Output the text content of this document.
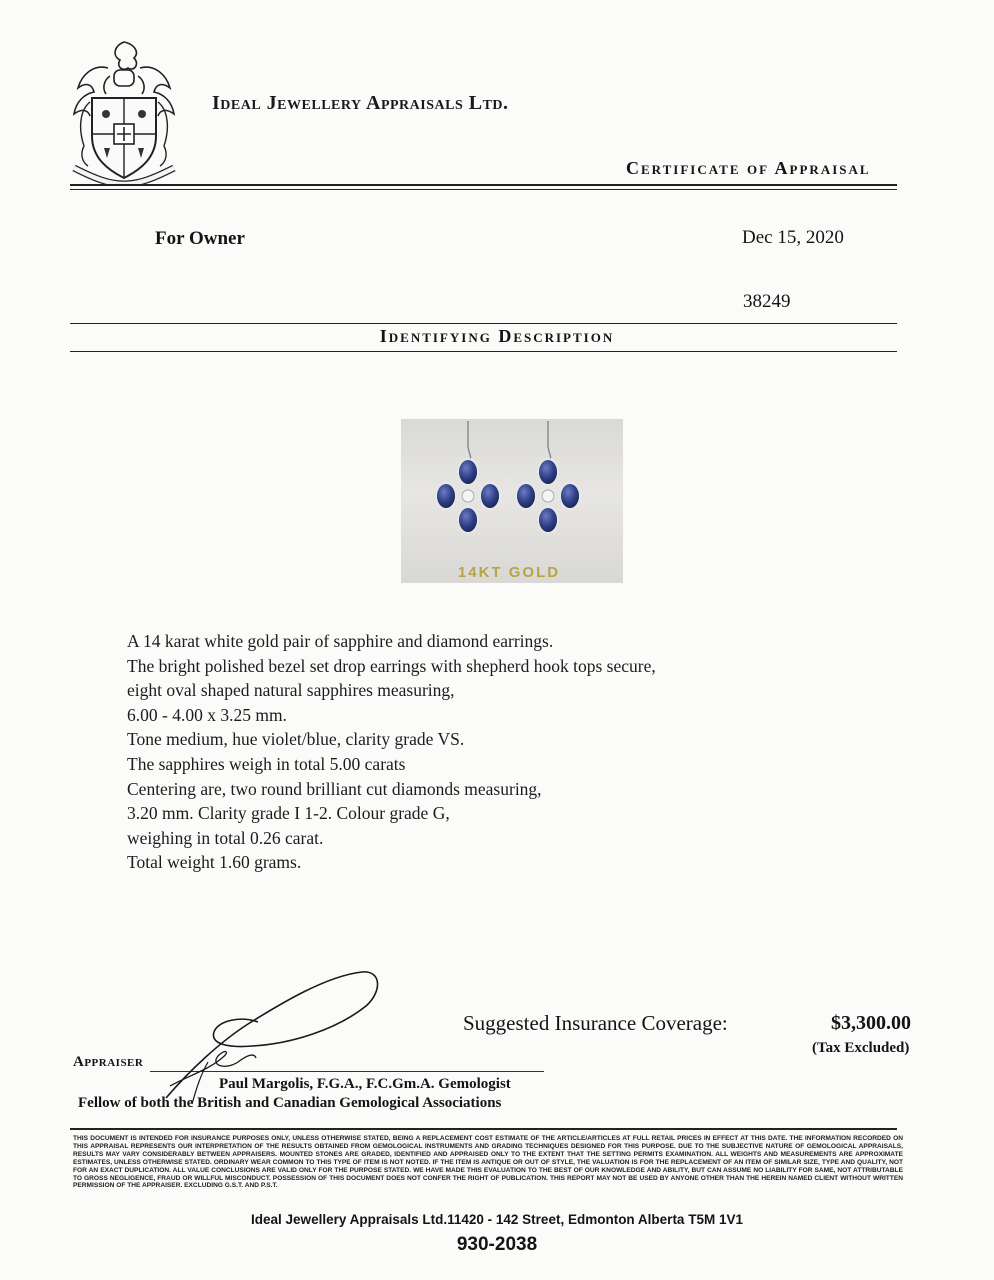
Ideal Jewellery Appraisals Ltd.
Certificate of Appraisal
For Owner	Dec 15, 2020
38249
Identifying Description
14KT GOLD
A 14 karat white gold pair of sapphire and diamond earrings.
The bright polished bezel set drop earrings with shepherd hook tops secure,
eight oval shaped natural sapphires measuring,
6.00 - 4.00 x 3.25 mm.
Tone medium, hue violet/blue, clarity grade VS.
The sapphires weigh in total 5.00 carats
Centering are, two round brilliant cut diamonds measuring,
3.20 mm. Clarity grade I 1-2. Colour grade G,
weighing in total 0.26 carat.
Total weight 1.60 grams.
Suggested Insurance Coverage:	$3,300.00
(Tax Excluded)
Appraiser
Paul Margolis, F.G.A., F.C.Gm.A. Gemologist
Fellow of both the British and Canadian Gemological Associations
THIS DOCUMENT IS INTENDED FOR INSURANCE PURPOSES ONLY, UNLESS OTHERWISE STATED, BEING A REPLACEMENT COST ESTIMATE OF THE ARTICLE/ARTICLES AT FULL RETAIL PRICES IN EFFECT AT THIS DATE. THE INFORMATION RECORDED ON THIS APPRAISAL REPRESENTS OUR INTERPRETATION OF THE RESULTS OBTAINED FROM GEMOLOGICAL INSTRUMENTS AND GRADING TECHNIQUES DESIGNED FOR THIS PURPOSE. DUE TO THE SUBJECTIVE NATURE OF GEMOLOGICAL APPRAISALS, RESULTS MAY VARY CONSIDERABLY BETWEEN APPRAISERS. MOUNTED STONES ARE GRADED, IDENTIFIED AND APPRAISED ONLY TO THE EXTENT THAT THE SETTING PERMITS EXAMINATION. ALL WEIGHTS AND MEASUREMENTS ARE APPROXIMATE ESTIMATES, UNLESS OTHERWISE STATED. ORDINARY WEAR COMMON TO THIS TYPE OF ITEM IS NOT NOTED. IF THE ITEM IS ANTIQUE OR OUT OF STYLE, THE VALUATION IS FOR THE REPLACEMENT OF AN ITEM OF SIMILAR SIZE, TYPE AND QUALITY, NOT FOR AN EXACT DUPLICATION. ALL VALUE CONCLUSIONS ARE VALID ONLY FOR THE PURPOSE STATED. WE HAVE MADE THIS EVALUATION TO THE BEST OF OUR KNOWLEDGE AND ABILITY, BUT CAN ASSUME NO LIABILITY FOR SAME, NOT ATTRIBUTABLE TO GROSS NEGLIGENCE, FRAUD OR WILLFUL MISCONDUCT. POSSESSION OF THIS DOCUMENT DOES NOT CONFER THE RIGHT OF PUBLICATION. THIS REPORT MAY NOT BE USED BY ANYONE OTHER THAN THE HEREIN NAMED CLIENT WITHOUT WRITTEN PERMISSION OF THE APPRAISER. EXCLUDING G.S.T. AND P.S.T.
Ideal Jewellery Appraisals Ltd.11420 - 142 Street, Edmonton Alberta T5M 1V1
930-2038
